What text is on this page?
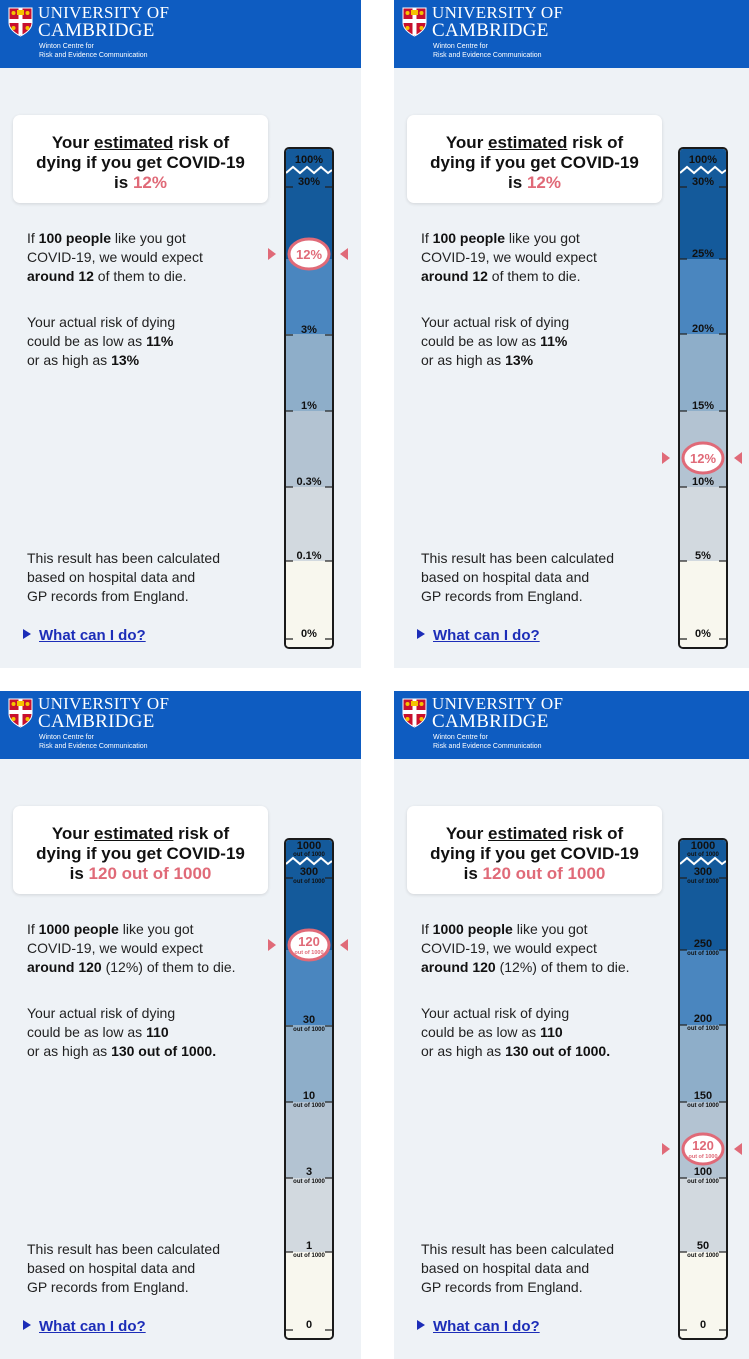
UNIVERSITY OF
CAMBRIDGE
Winton Centre for
Risk and Evidence Communication
Your estimated risk of
dying if you get COVID-19
is 12%
If 100 people like you got
COVID-19, we would expect
around 12 of them to die.
Your actual risk of dying
could be as low as 11%
or as high as 13%
This result has been calculated
based on hospital data and
GP records from England.
What can I do?
100%
30%
3%
1%
0.3%
0.1%
0%
12%
UNIVERSITY OF
CAMBRIDGE
Winton Centre for
Risk and Evidence Communication
Your estimated risk of
dying if you get COVID-19
is 12%
If 100 people like you got
COVID-19, we would expect
around 12 of them to die.
Your actual risk of dying
could be as low as 11%
or as high as 13%
This result has been calculated
based on hospital data and
GP records from England.
What can I do?
100%
30%
25%
20%
15%
10%
5%
0%
12%
UNIVERSITY OF
CAMBRIDGE
Winton Centre for
Risk and Evidence Communication
Your estimated risk of
dying if you get COVID-19
is 120 out of 1000
If 1000 people like you got
COVID-19, we would expect
around 120 (12%) of them to die.
Your actual risk of dying
could be as low as 110
or as high as 130 out of 1000.
This result has been calculated
based on hospital data and
GP records from England.
What can I do?
1000
out of 1000
300
out of 1000
30
out of 1000
10
out of 1000
3
out of 1000
1
out of 1000
0
120
out of 1000
UNIVERSITY OF
CAMBRIDGE
Winton Centre for
Risk and Evidence Communication
Your estimated risk of
dying if you get COVID-19
is 120 out of 1000
If 1000 people like you got
COVID-19, we would expect
around 120 (12%) of them to die.
Your actual risk of dying
could be as low as 110
or as high as 130 out of 1000.
This result has been calculated
based on hospital data and
GP records from England.
What can I do?
1000
out of 1000
300
out of 1000
250
out of 1000
200
out of 1000
150
out of 1000
100
out of 1000
50
out of 1000
0
120
out of 1000
